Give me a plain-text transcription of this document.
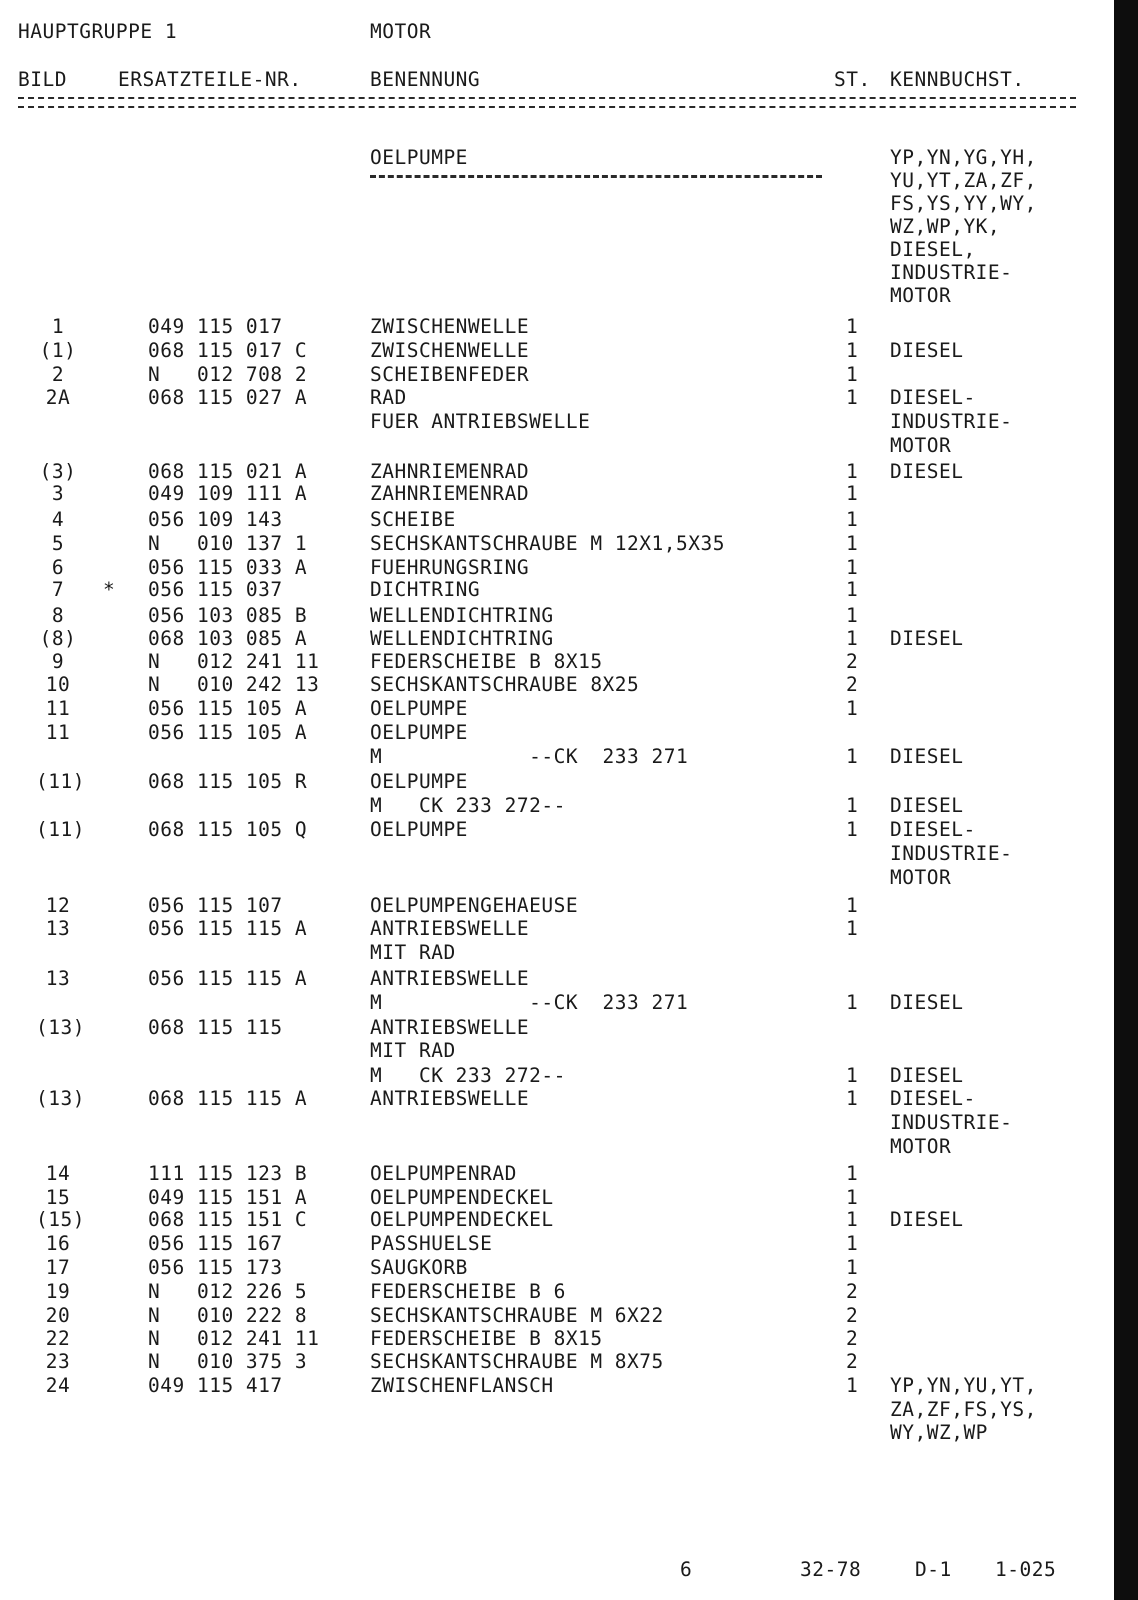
HAUPTGRUPPE 1	MOTOR
BILD	ERSATZTEILE-NR.	BENENNUNG	ST. KENNBUCHST.
OELPUMPE	YP,YN,YG,YH,
YU,YT,ZA,ZF,
FS,YS,YY,WY,
WZ,WP,YK,
DIESEL,
INDUSTRIE-
MOTOR
1	049 115 017	ZWISCHENWELLE	1
(1)	068 115 017 C	ZWISCHENWELLE	1 DIESEL
2	N   012 708 2	SCHEIBENFEDER	1
2A	068 115 027 A	RAD	1 DIESEL-
FUER ANTRIEBSWELLE	INDUSTRIE-
MOTOR
(3)	068 115 021 A	ZAHNRIEMENRAD	1 DIESEL
3	049 109 111 A	ZAHNRIEMENRAD	1
4	056 109 143	SCHEIBE	1
5	N   010 137 1	SECHSKANTSCHRAUBE M 12X1,5X35	1
6	056 115 033 A	FUEHRUNGSRING	1
7	* 056 115 037	DICHTRING	1
8	056 103 085 B	WELLENDICHTRING	1
(8)	068 103 085 A	WELLENDICHTRING	1 DIESEL
9	N   012 241 11	FEDERSCHEIBE B 8X15	2
10	N   010 242 13	SECHSKANTSCHRAUBE 8X25	2
11	056 115 105 A	OELPUMPE	1
11	056 115 105 A	OELPUMPE
M            --CK  233 271	1 DIESEL
(11)	068 115 105 R	OELPUMPE
M   CK 233 272--	1 DIESEL
(11)	068 115 105 Q	OELPUMPE	1 DIESEL-
INDUSTRIE-
MOTOR
12	056 115 107	OELPUMPENGEHAEUSE	1
13	056 115 115 A	ANTRIEBSWELLE	1
MIT RAD
13	056 115 115 A	ANTRIEBSWELLE
M            --CK  233 271	1 DIESEL
(13)	068 115 115	ANTRIEBSWELLE
MIT RAD
M   CK 233 272--	1 DIESEL
(13)	068 115 115 A	ANTRIEBSWELLE	1 DIESEL-
INDUSTRIE-
MOTOR
14	111 115 123 B	OELPUMPENRAD	1
15	049 115 151 A	OELPUMPENDECKEL	1
(15)	068 115 151 C	OELPUMPENDECKEL	1 DIESEL
16	056 115 167	PASSHUELSE	1
17	056 115 173	SAUGKORB	1
19	N   012 226 5	FEDERSCHEIBE B 6	2
20	N   010 222 8	SECHSKANTSCHRAUBE M 6X22	2
22	N   012 241 11	FEDERSCHEIBE B 8X15	2
23	N   010 375 3	SECHSKANTSCHRAUBE M 8X75	2
24	049 115 417	ZWISCHENFLANSCH	1 YP,YN,YU,YT,
ZA,ZF,FS,YS,
WY,WZ,WP
6	32-78	D-1 1-025
